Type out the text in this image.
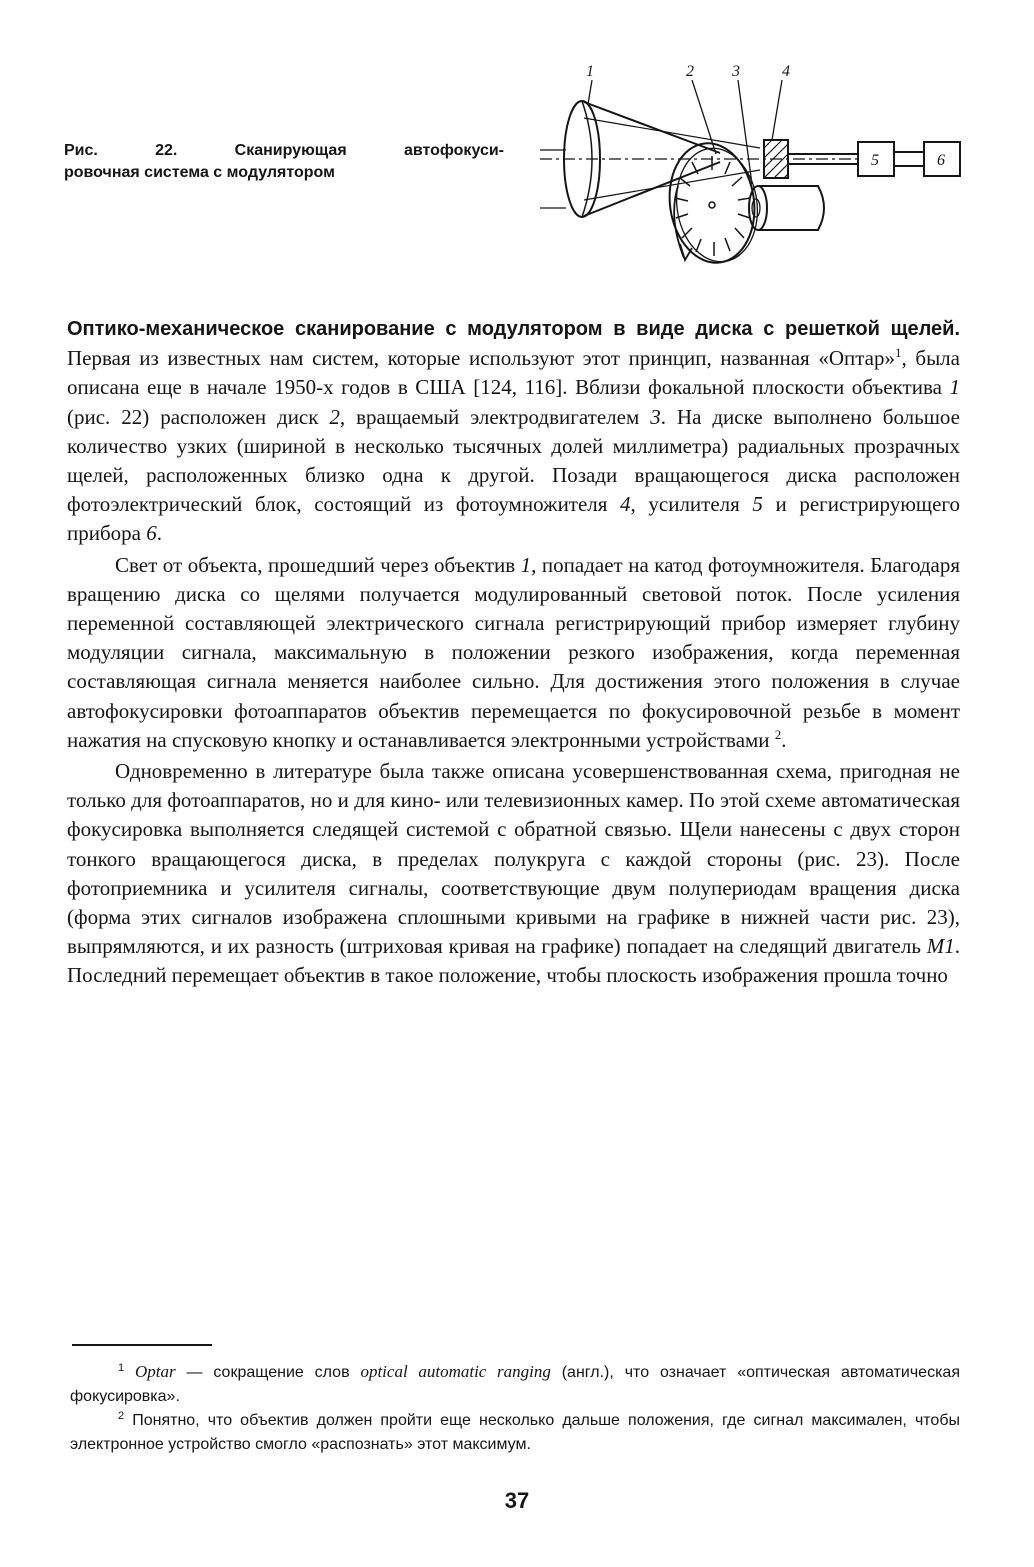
1	2 3	4
5	6
Рис. 22. Сканирующая автофокуси-
ровочная система с модулятором

Оптико-механическое сканирование с модулятором в виде диска с решеткой щелей. Первая из известных нам систем, которые используют этот принцип, названная «Оптар»$^1$, была описана еще в начале 1950-х годов в США [124, 116]. Вблизи фокальной плоскости объектива 1 (рис. 22) расположен диск 2, вращаемый электродвигателем 3. На диске выполнено большое количество узких (шириной в несколько тысячных долей миллиметра) радиальных прозрачных щелей, расположенных близко одна к другой. Позади вращающегося диска расположен фотоэлектрический блок, состоящий из фотоумножителя 4, усилителя 5 и регистрирующего прибора 6.

Свет от объекта, прошедший через объектив 1, попадает на катод фотоумножителя. Благодаря вращению диска со щелями получается модулированный световой поток. После усиления переменной составляющей электрического сигнала регистрирующий прибор измеряет глубину модуляции сигнала, максимальную в положении резкого изображения, когда переменная составляющая сигнала меняется наиболее сильно. Для достижения этого положения в случае автофокусировки фотоаппаратов объектив перемещается по фокусировочной резьбе в момент нажатия на спусковую кнопку и останавливается электронными устройствами $^2$.

Одновременно в литературе была также описана усовершенствованная схема, пригодная не только для фотоаппаратов, но и для кино- или телевизионных камер. По этой схеме автоматическая фокусировка выполняется следящей системой с обратной связью. Щели нанесены с двух сторон тонкого вращающегося диска, в пределах полукруга с каждой стороны (рис. 23). После фотоприемника и усилителя сигналы, соответствующие двум полупериодам вращения диска (форма этих сигналов изображена сплошными кривыми на графике в нижней части рис. 23), выпрямляются, и их разность (штриховая кривая на графике) попадает на следящий двигатель М1. Последний перемещает объектив в такое положение, чтобы плоскость изображения прошла точно

$^1$ Optar — сокращение слов optical automatic ranging (англ.), что означает «оптическая автоматическая фокусировка».

$^2$ Понятно, что объектив должен пройти еще несколько дальше положения, где сигнал максимален, чтобы электронное устройство смогло «распознать» этот максимум.

37
